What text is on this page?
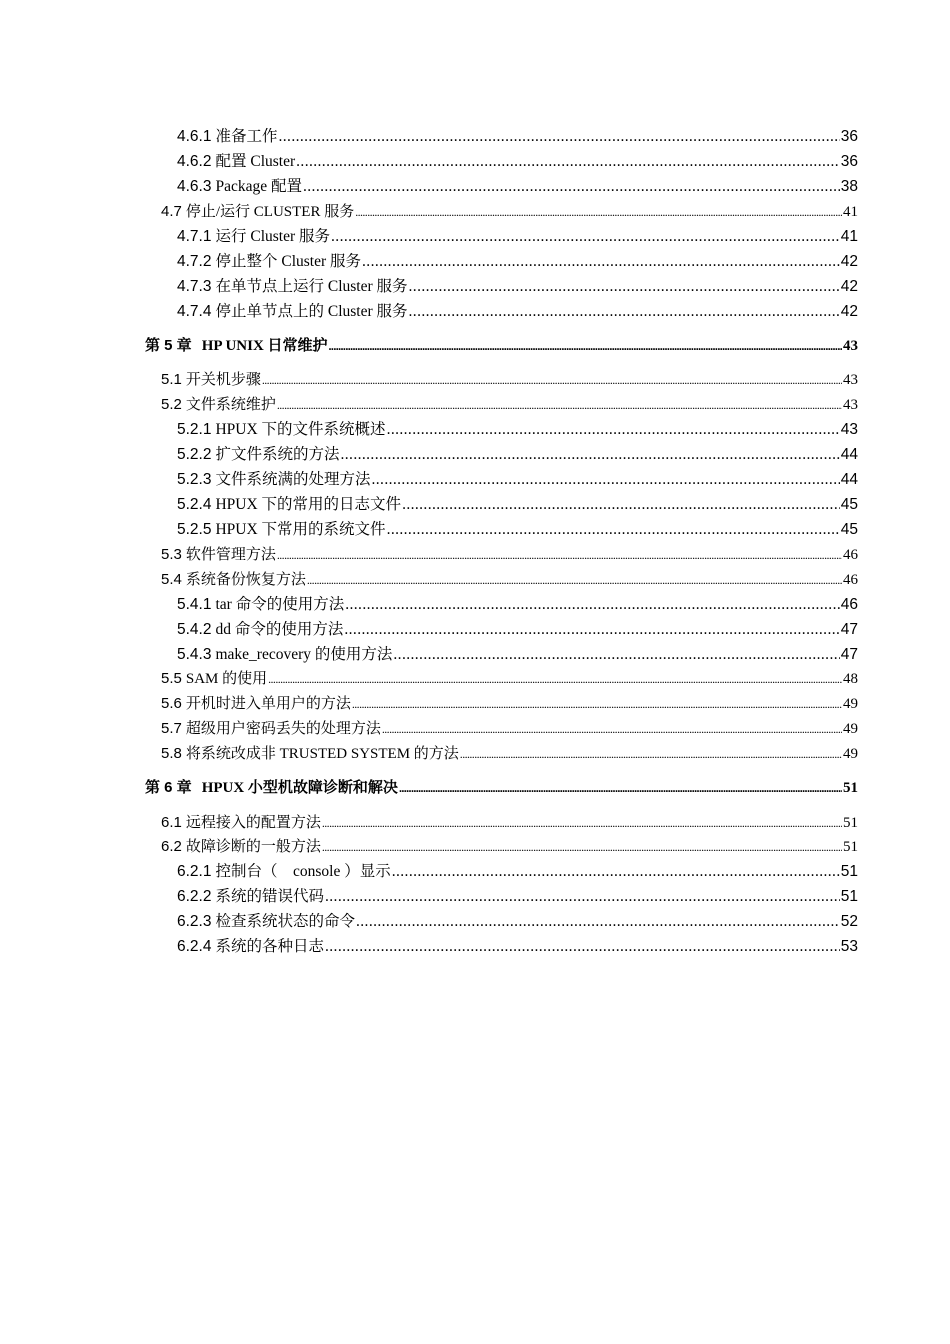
4.6.1 准备工作 .....	36
4.6.2 配置 Cluster .....	36
4.6.3 Package 配置 .....	38
4.7 停止/运行 CLUSTER 服务 .....	41
4.7.1 运行 Cluster 服务 .....	41
4.7.2 停止整个 Cluster 服务 .....	42
4.7.3 在单节点上运行 Cluster 服务 .....	42
4.7.4 停止单节点上的 Cluster 服务 .....	42
第 5 章 HP UNIX 日常维护 .....	43
5.1 开关机步骤 .....	43
5.2 文件系统维护 .....	43
5.2.1 HPUX 下的文件系统概述 .....	43
5.2.2 扩文件系统的方法 .....	44
5.2.3 文件系统满的处理方法 .....	44
5.2.4 HPUX 下的常用的日志文件 .....	45
5.2.5 HPUX 下常用的系统文件 .....	45
5.3 软件管理方法 .....	46
5.4 系统备份恢复方法 .....	46
5.4.1 tar 命令的使用方法 .....	46
5.4.2 dd 命令的使用方法 .....	47
5.4.3 make_recovery 的使用方法 .....	47
5.5 SAM 的使用 .....	48
5.6 开机时进入单用户的方法 .....	49
5.7 超级用户密码丢失的处理方法 .....	49
5.8 将系统改成非 TRUSTED SYSTEM 的方法 .....	49
第 6 章 HPUX 小型机故障诊断和解决 .....	51
6.1 远程接入的配置方法 .....	51
6.2 故障诊断的一般方法 .....	51
6.2.1 控制台（　console ）显示 .....	51
6.2.2 系统的错误代码 .....	51
6.2.3 检查系统状态的命令 .....	52
6.2.4 系统的各种日志 .....	53
